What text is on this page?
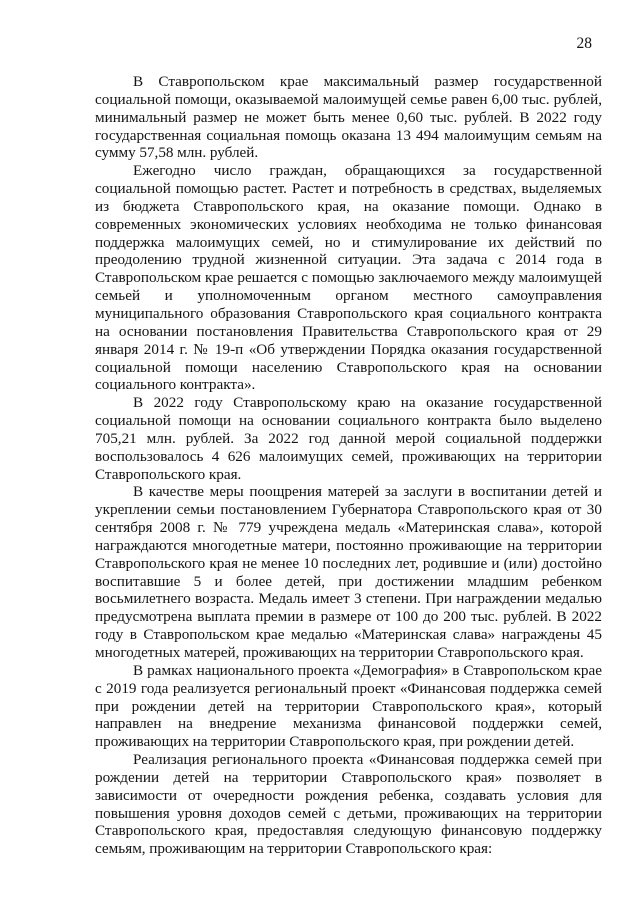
28

В Ставропольском крае максимальный размер государственной социальной помощи, оказываемой малоимущей семье равен 6,00 тыс. рублей, минимальный размер не может быть менее 0,60 тыс. рублей. В 2022 году государственная социальная помощь оказана 13 494 малоимущим семьям на сумму 57,58 млн. рублей.

Ежегодно число граждан, обращающихся за государственной социальной помощью растет. Растет и потребность в средствах, выделяемых из бюджета Ставропольского края, на оказание помощи. Однако в современных экономических условиях необходима не только финансовая поддержка малоимущих семей, но и стимулирование их действий по преодолению трудной жизненной ситуации. Эта задача с 2014 года в Ставропольском крае решается с помощью заключаемого между малоимущей семьей и уполномоченным органом местного самоуправления муниципального образования Ставропольского края социального контракта на основании постановления Правительства Ставропольского края от 29 января 2014 г. № 19-п «Об утверждении Порядка оказания государственной социальной помощи населению Ставропольского края на основании социального контракта».

В 2022 году Ставропольскому краю на оказание государственной социальной помощи на основании социального контракта было выделено 705,21 млн. рублей. За 2022 год данной мерой социальной поддержки воспользовалось 4 626 малоимущих семей, проживающих на территории Ставропольского края.

В качестве меры поощрения матерей за заслуги в воспитании детей и укреплении семьи постановлением Губернатора Ставропольского края от 30 сентября 2008 г. № 779 учреждена медаль «Материнская слава», которой награждаются многодетные матери, постоянно проживающие на территории Ставропольского края не менее 10 последних лет, родившие и (или) достойно воспитавшие 5 и более детей, при достижении младшим ребенком восьмилетнего возраста. Медаль имеет 3 степени. При награждении медалью предусмотрена выплата премии в размере от 100 до 200 тыс. рублей. В 2022 году в Ставропольском крае медалью «Материнская слава» награждены 45 многодетных матерей, проживающих на территории Ставропольского края.

В рамках национального проекта «Демография» в Ставропольском крае с 2019 года реализуется региональный проект «Финансовая поддержка семей при рождении детей на территории Ставропольского края», который направлен на внедрение механизма финансовой поддержки семей, проживающих на территории Ставропольского края, при рождении детей.

Реализация регионального проекта «Финансовая поддержка семей при рождении детей на территории Ставропольского края» позволяет в зависимости от очередности рождения ребенка, создавать условия для повышения уровня доходов семей с детьми, проживающих на территории Ставропольского края, предоставляя следующую финансовую поддержку семьям, проживающим на территории Ставропольского края:
